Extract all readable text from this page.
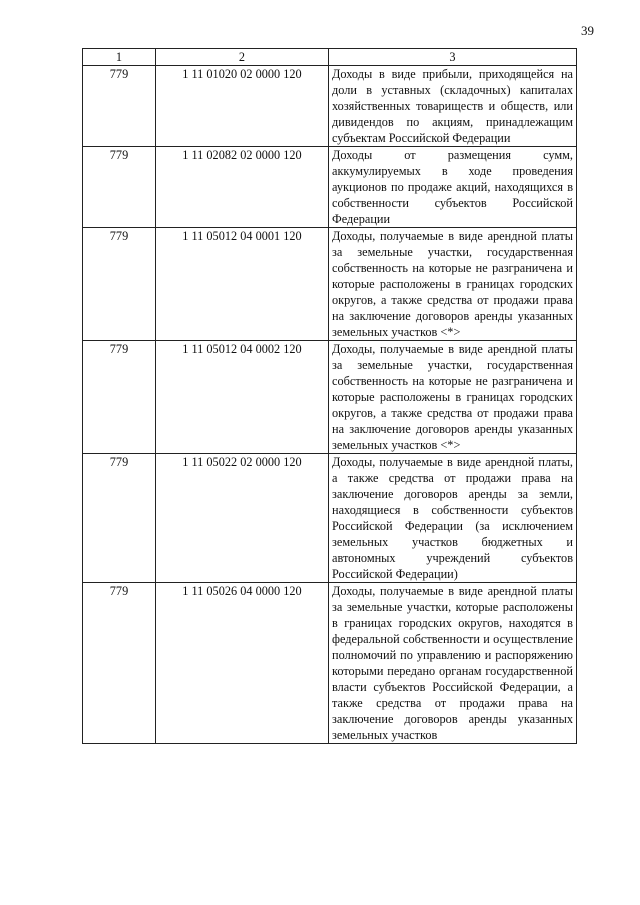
39
1	2	3
779	1 11 01020 02 0000 120	Доходы в виде прибыли, приходящейся на доли в уставных (складочных) капиталах хозяйственных товариществ и обществ, или дивидендов по акциям, принадлежащим субъектам Российской Федерации
779	1 11 02082 02 0000 120	Доходы от размещения сумм, аккумулируемых в ходе проведения аукционов по продаже акций, находящихся в собственности субъектов Российской Федерации
779	1 11 05012 04 0001 120	Доходы, получаемые в виде арендной платы за земельные участки, государственная собственность на которые не разграничена и которые расположены в границах городских округов, а также средства от продажи права на заключение договоров аренды указанных земельных участков <*>
779	1 11 05012 04 0002 120	Доходы, получаемые в виде арендной платы за земельные участки, государственная собственность на которые не разграничена и которые расположены в границах городских округов, а также средства от продажи права на заключение договоров аренды указанных земельных участков <*>
779	1 11 05022 02 0000 120	Доходы, получаемые в виде арендной платы, а также средства от продажи права на заключение договоров аренды за земли, находящиеся в собственности субъектов Российской Федерации (за исключением земельных участков бюджетных и автономных учреждений субъектов Российской Федерации)
779	1 11 05026 04 0000 120	Доходы, получаемые в виде арендной платы за земельные участки, которые расположены в границах городских округов, находятся в федеральной собственности и осуществление полномочий по управлению и распоряжению которыми передано органам государственной власти субъектов Российской Федерации, а также средства от продажи права на заключение договоров аренды указанных земельных участков
